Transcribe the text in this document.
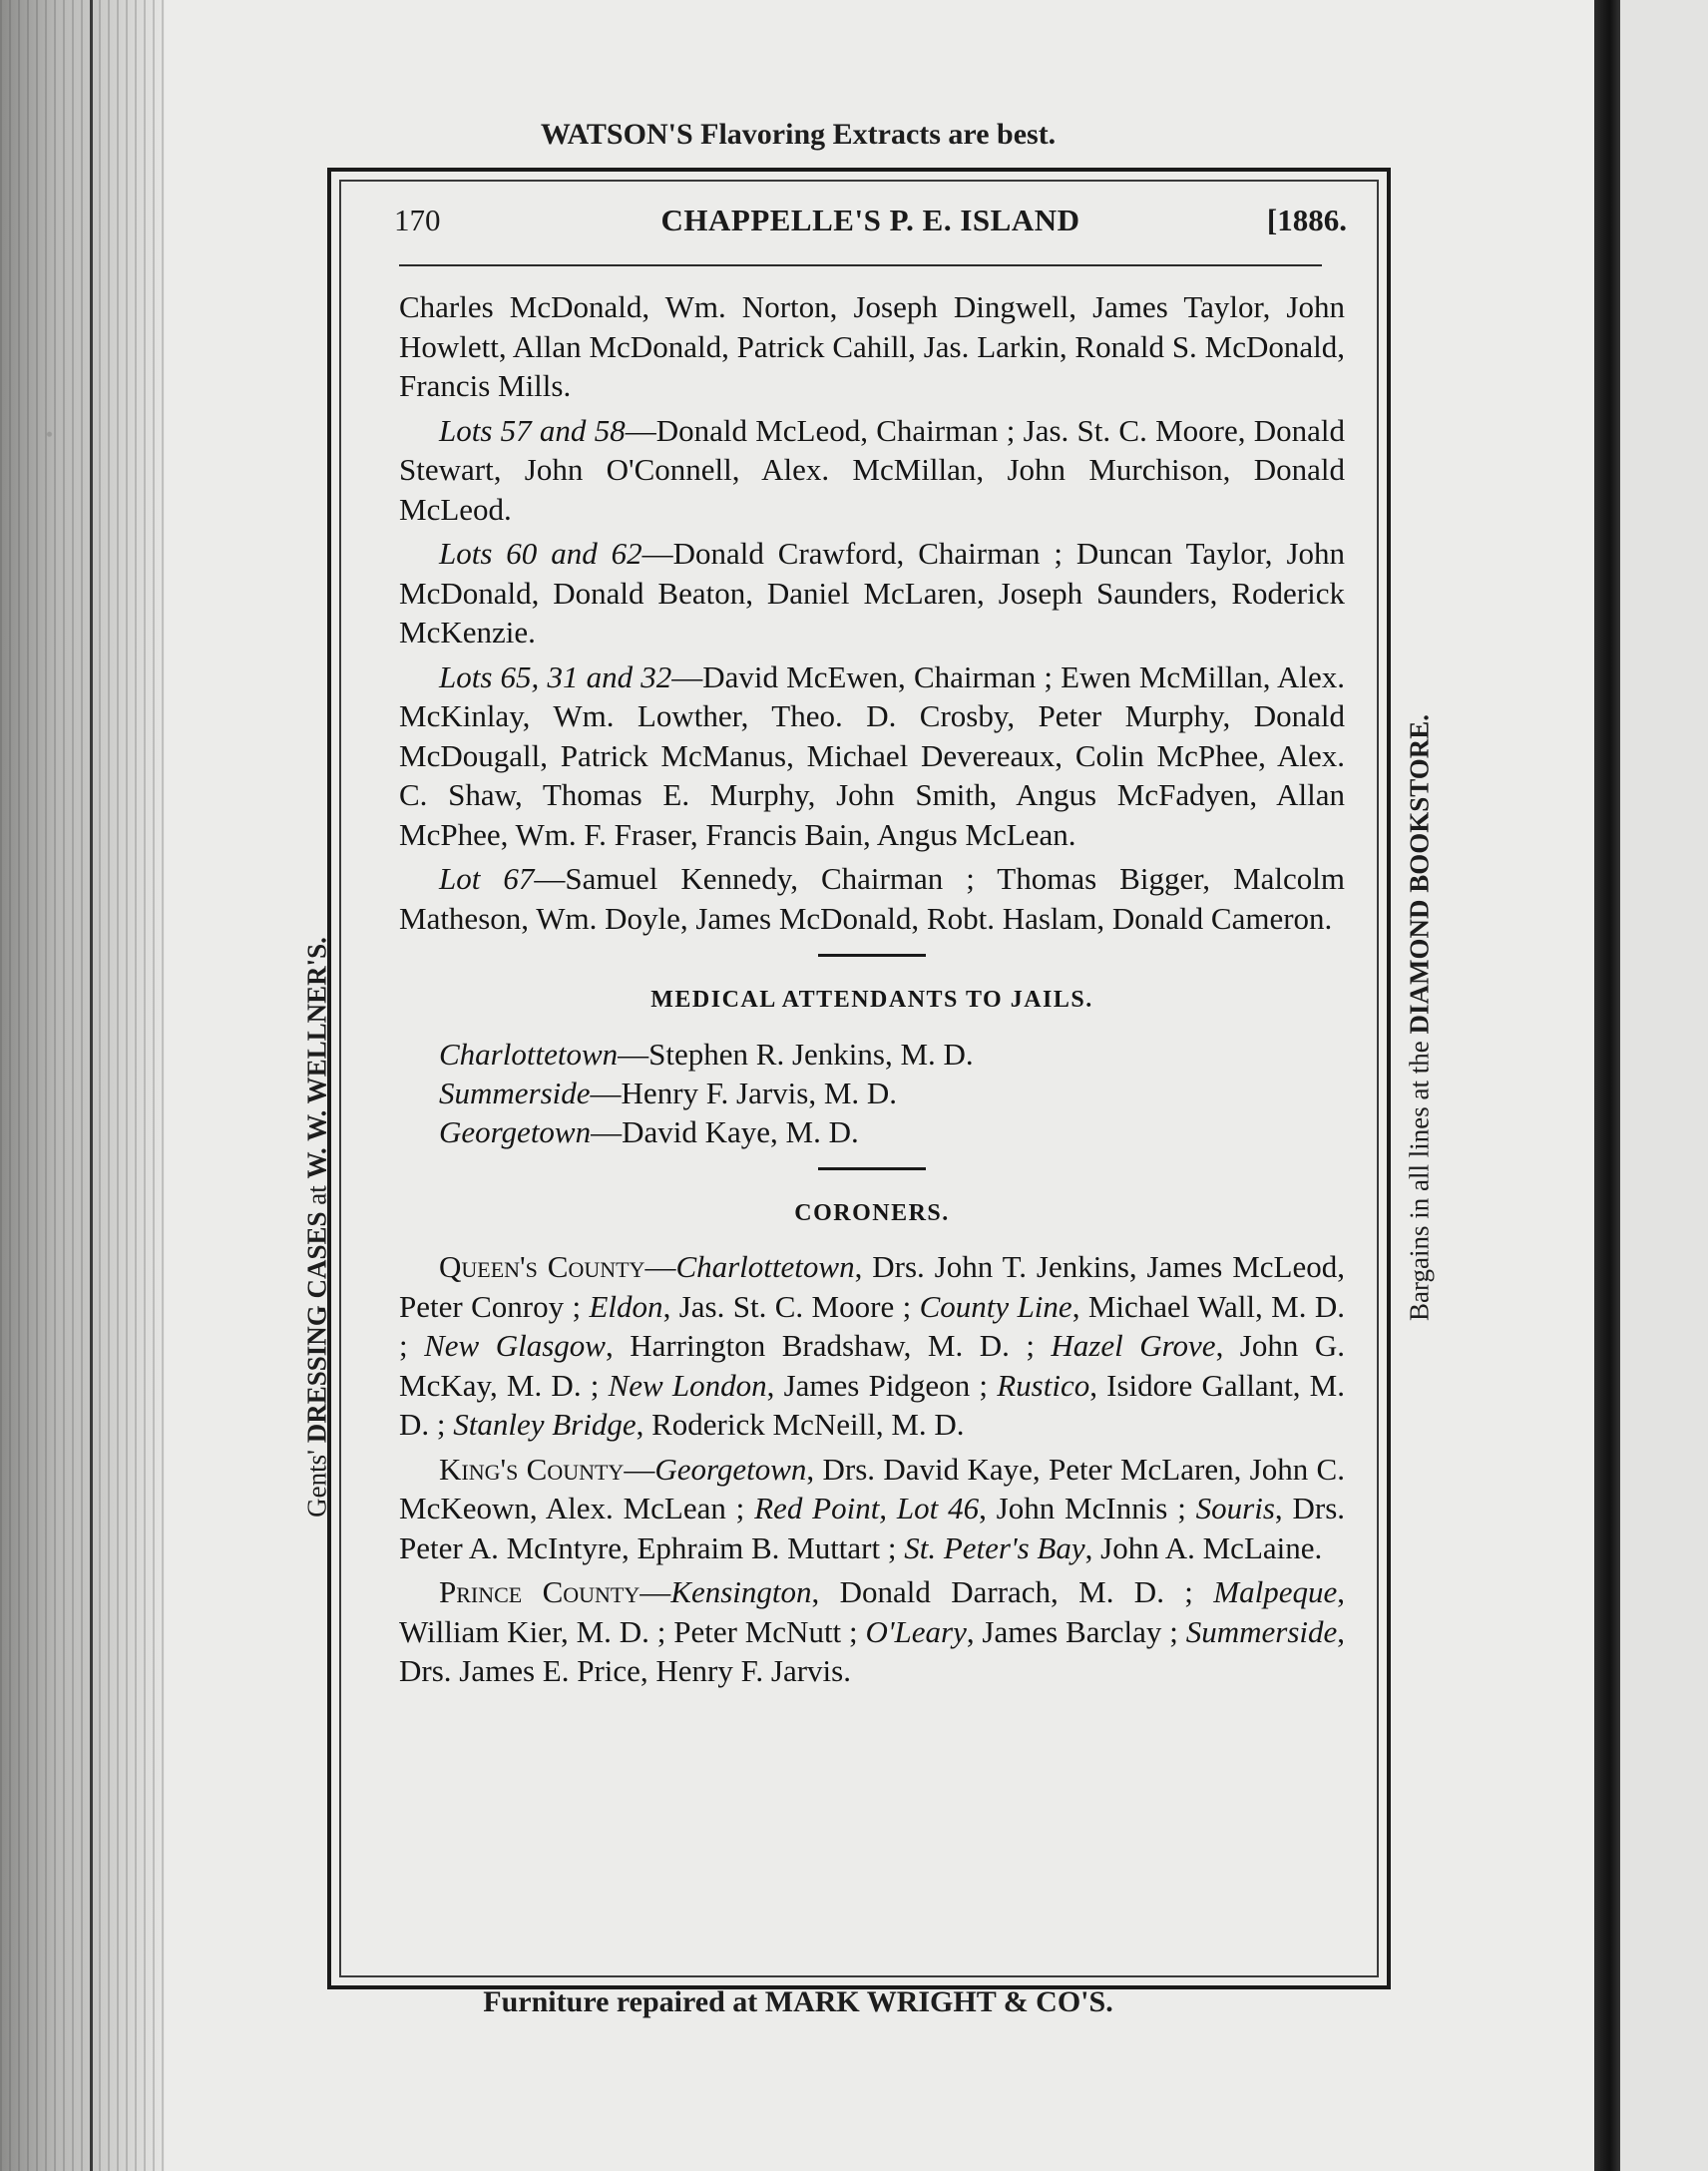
WATSON'S Flavoring Extracts are best.
Furniture repaired at MARK WRIGHT & CO'S.
Gents' DRESSING CASES at W. W. WELLNER'S.	Bargains in all lines at the DIAMOND BOOKSTORE.
170	CHAPPELLE'S P. E. ISLAND	[1886.

Charles McDonald, Wm. Norton, Joseph Dingwell, James Taylor, John Howlett, Allan McDonald, Patrick Cahill, Jas. Larkin, Ronald S. McDonald, Francis Mills.

Lots 57 and 58—Donald McLeod, Chairman ; Jas. St. C. Moore, Donald Stewart, John O'Connell, Alex. McMillan, John Murchison, Donald McLeod.

Lots 60 and 62—Donald Crawford, Chairman ; Duncan Taylor, John McDonald, Donald Beaton, Daniel McLaren, Joseph Saunders, Roderick McKenzie.

Lots 65, 31 and 32—David McEwen, Chairman ; Ewen McMillan, Alex. McKinlay, Wm. Lowther, Theo. D. Crosby, Peter Murphy, Donald McDougall, Patrick McManus, Michael Devereaux, Colin McPhee, Alex. C. Shaw, Thomas E. Murphy, John Smith, Angus McFadyen, Allan McPhee, Wm. F. Fraser, Francis Bain, Angus McLean.

Lot 67—Samuel Kennedy, Chairman ; Thomas Bigger, Malcolm Matheson, Wm. Doyle, James McDonald, Robt. Haslam, Donald Cameron.

MEDICAL ATTENDANTS TO JAILS.
Charlottetown—Stephen R. Jenkins, M. D.
Summerside—Henry F. Jarvis, M. D.
Georgetown—David Kaye, M. D.
CORONERS.

Queen's County—Charlottetown, Drs. John T. Jenkins, James McLeod, Peter Conroy ; Eldon, Jas. St. C. Moore ; County Line, Michael Wall, M. D. ; New Glasgow, Harrington Bradshaw, M. D. ; Hazel Grove, John G. McKay, M. D. ; New London, James Pidgeon ; Rustico, Isidore Gallant, M. D. ; Stanley Bridge, Roderick McNeill, M. D.

King's County—Georgetown, Drs. David Kaye, Peter McLaren, John C. McKeown, Alex. McLean ; Red Point, Lot 46, John McInnis ; Souris, Drs. Peter A. McIntyre, Ephraim B. Muttart ; St. Peter's Bay, John A. McLaine.

Prince County—Kensington, Donald Darrach, M. D. ; Malpeque, William Kier, M. D. ; Peter McNutt ; O'Leary, James Barclay ; Summerside, Drs. James E. Price, Henry F. Jarvis.
